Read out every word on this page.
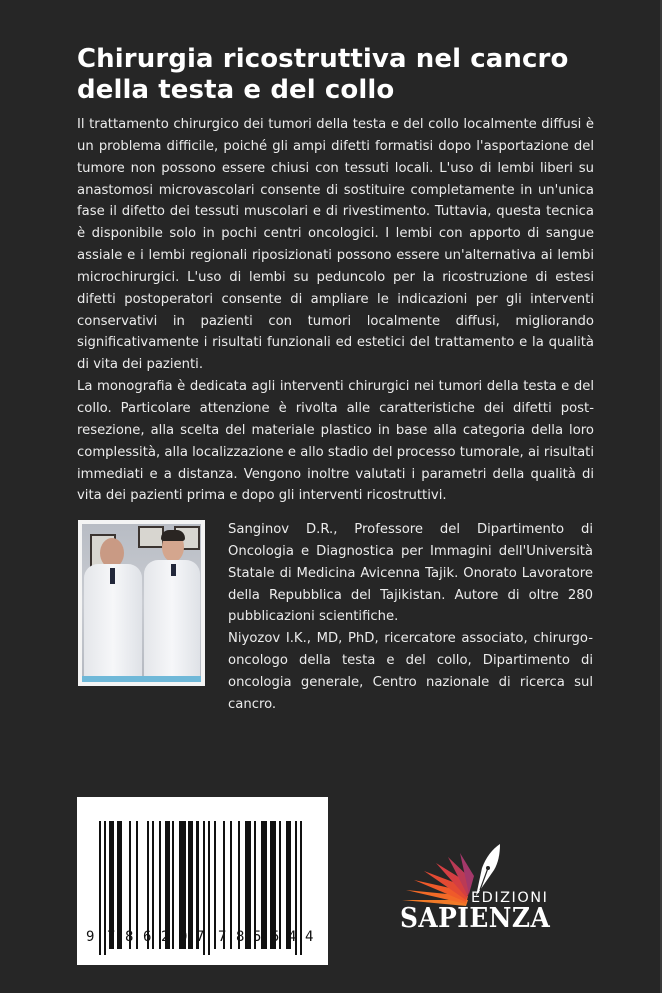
Chirurgia ricostruttiva nel cancro
della testa e del collo

Il trattamento chirurgico dei tumori della testa e del collo localmente diffusi è un problema difficile, poiché gli ampi difetti formatisi dopo l'asportazione del tumore non possono essere chiusi con tessuti locali. L'uso di lembi liberi su anastomosi microvascolari consente di sostituire completamente in un'unica fase il difetto dei tessuti muscolari e di rivestimento. Tuttavia, questa tecnica è disponibile solo in pochi centri oncologici. I lembi con apporto di sangue assiale e i lembi regionali riposizionati possono essere un'alternativa ai lembi microchirurgici. L'uso di lembi su peduncolo per la ricostruzione di estesi difetti postoperatori consente di ampliare le indicazioni per gli interventi conservativi in pazienti con tumori localmente diffusi, migliorando significativamente i risultati funzionali ed estetici del trattamento e la qualità di vita dei pazienti.

La monografia è dedicata agli interventi chirurgici nei tumori della testa e del collo. Particolare attenzione è rivolta alle caratteristiche dei difetti post-resezione, alla scelta del materiale plastico in base alla categoria della loro complessità, alla localizzazione e allo stadio del processo tumorale, ai risultati immediati e a distanza. Vengono inoltre valutati i parametri della qualità di vita dei pazienti prima e dopo gli interventi ricostruttivi.

Sanginov D.R., Professore del Dipartimento di Oncologia e Diagnostica per Immagini dell'Università Statale di Medicina Avicenna Tajik. Onorato Lavoratore della Repubblica del Tajikistan. Autore di oltre 280 pubblicazioni scientifiche.

Niyozov I.K., MD, PhD, ricercatore associato, chirurgo-oncologo della testa e del collo, Dipartimento di oncologia generale, Centro nazionale di ricerca sul cancro.

9 7 8 6 2 0 7 7 8 5 5 4 4
EDIZIONI
SAPIENZA
